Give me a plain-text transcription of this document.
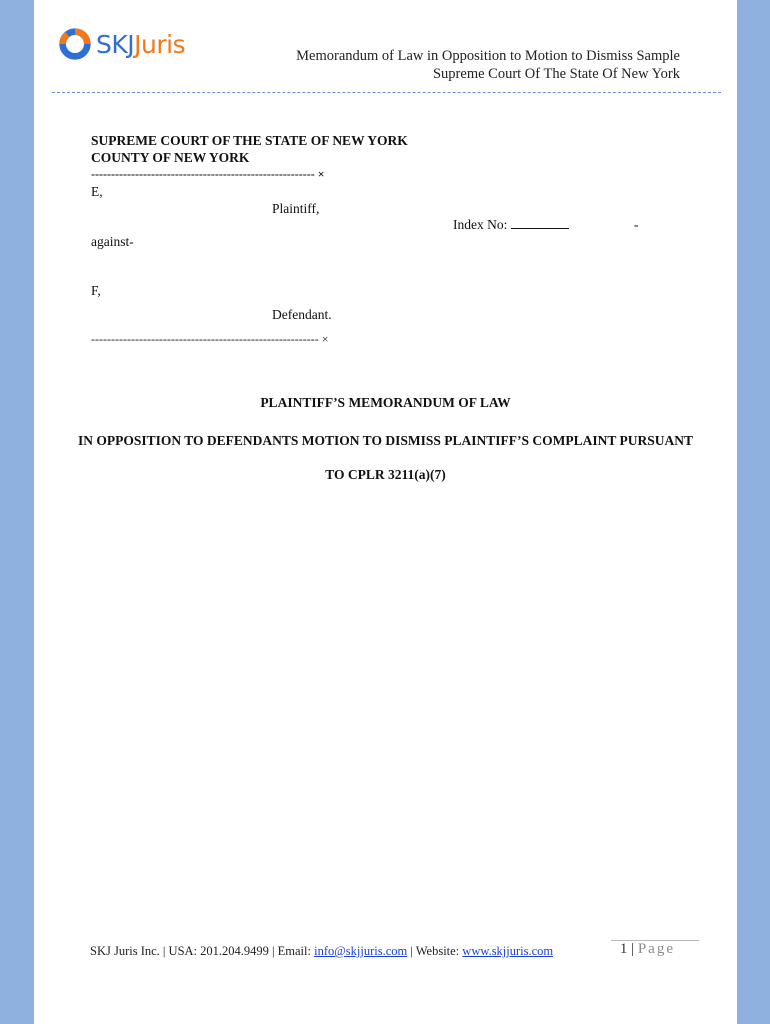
SKJJuris	Memorandum of Law in Opposition to Motion to Dismiss Sample
Supreme Court Of The State Of New York
SUPREME COURT OF THE STATE OF NEW YORK
COUNTY OF NEW YORK
-------------------------------------------------------- ×
E,
Plaintiff,
Index No:	-
against-
F,
Defendant.
--------------------------------------------------------- ×
PLAINTIFF’S MEMORANDUM OF LAW
IN OPPOSITION TO DEFENDANTS MOTION TO DISMISS PLAINTIFF’S COMPLAINT PURSUANT
TO CPLR 3211(a)(7)
SKJ Juris Inc. | USA: 201.204.9499 | Email: info@skjjuris.com | Website: www.skjjuris.com	1 | Page
